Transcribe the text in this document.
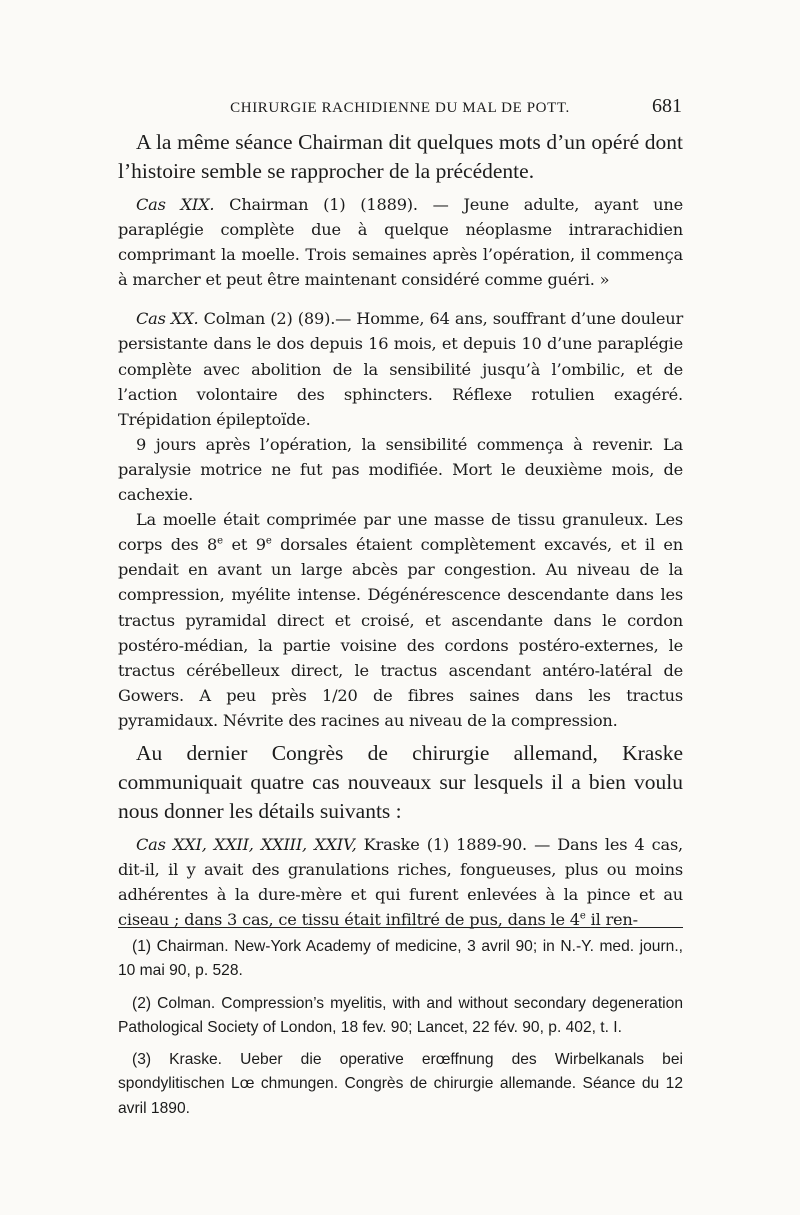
CHIRURGIE RACHIDIENNE DU MAL DE POTT.	681

A la même séance Chairman dit quelques mots d’un opéré dont l’histoire semble se rapprocher de la précédente.

Cas XIX. Chairman (1) (1889). — Jeune adulte, ayant une paraplégie complète due à quelque néoplasme intrarachidien comprimant la moelle. Trois semaines après l’opération, il commença à marcher et peut être maintenant considéré comme guéri. »

Cas XX. Colman (2) (89).— Homme, 64 ans, souffrant d’une douleur persistante dans le dos depuis 16 mois, et depuis 10 d’une paraplégie complète avec abolition de la sensibilité jusqu’à l’ombilic, et de l’action volontaire des sphincters. Réflexe rotulien exagéré. Trépidation épileptoïde.

9 jours après l’opération, la sensibilité commença à revenir. La paralysie motrice ne fut pas modifiée. Mort le deuxième mois, de cachexie.

La moelle était comprimée par une masse de tissu granuleux. Les corps des 8e et 9e dorsales étaient complètement excavés, et il en pendait en avant un large abcès par congestion. Au niveau de la compression, myélite intense. Dégénérescence descendante dans les tractus pyramidal direct et croisé, et ascendante dans le cordon postéro-médian, la partie voisine des cordons postéro-externes, le tractus cérébelleux direct, le tractus ascendant antéro-latéral de Gowers. A peu près 1/20 de fibres saines dans les tractus pyramidaux. Névrite des racines au niveau de la compression.

Au dernier Congrès de chirurgie allemand, Kraske communiquait quatre cas nouveaux sur lesquels il a bien voulu nous donner les détails suivants :

Cas XXI, XXII, XXIII, XXIV, Kraske (1) 1889-90. — Dans les 4 cas, dit-il, il y avait des granulations riches, fongueuses, plus ou moins adhérentes à la dure-mère et qui furent enlevées à la pince et au ciseau ; dans 3 cas, ce tissu était infiltré de pus, dans le 4e il ren-

(1) Chairman. New-York Academy of medicine, 3 avril 90; in N.-Y. med. journ., 10 mai 90, p. 528.

(2) Colman. Compression’s myelitis, with and without secondary degeneration Pathological Society of London, 18 fev. 90; Lancet, 22 fév. 90, p. 402, t. I.

(3) Kraske. Ueber die operative erœffnung des Wirbelkanals bei spondylitischen Lœ chmungen. Congrès de chirurgie allemande. Séance du 12 avril 1890.
